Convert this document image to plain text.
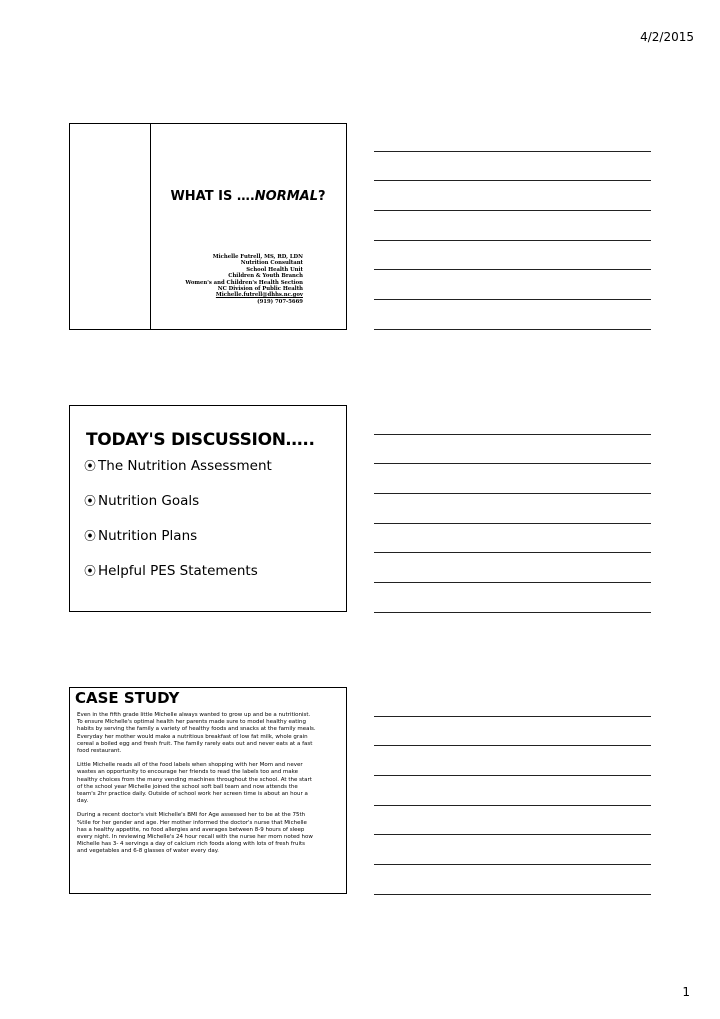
4/2/2015
WHAT IS ….NORMAL?
Michelle Futrell, MS, RD, LDN
Nutrition Consultant
School Health Unit
Children & Youth Branch
Women's and Children's Health Section
NC Division of Public Health
Michelle.futrell@dhhs.nc.gov
(919) 707-5669
TODAY'S DISCUSSION…..
⦿ The Nutrition Assessment
⦿ Nutrition Goals
⦿ Nutrition Plans
⦿ Helpful PES Statements
CASE STUDY

Even in the fifth grade little Michelle always wanted to grow up and be a nutritionist. To ensure Michelle's optimal health her parents made sure to model healthy eating habits by serving the family a variety of healthy foods and snacks at the family meals. Everyday her mother would make a nutritious breakfast of low fat milk, whole grain cereal a boiled egg and fresh fruit. The family rarely eats out and never eats at a fast food restaurant.

Little Michelle reads all of the food labels when shopping with her Mom and never wastes an opportunity to encourage her friends to read the labels too and make healthy choices from the many vending machines throughout the school. At the start of the school year Michelle joined the school soft ball team and now attends the team's 2hr practice daily. Outside of school work her screen time is about an hour a day.

During a recent doctor's visit Michelle's BMI for Age assessed her to be at the 75th %tile for her gender and age. Her mother informed the doctor's nurse that Michelle has a healthy appetite, no food allergies and averages between 8-9 hours of sleep every night. In reviewing Michelle's 24 hour recall with the nurse her mom noted how Michelle has 3- 4 servings a day of calcium rich foods along with lots of fresh fruits and vegetables and 6-8 glasses of water every day.

1
